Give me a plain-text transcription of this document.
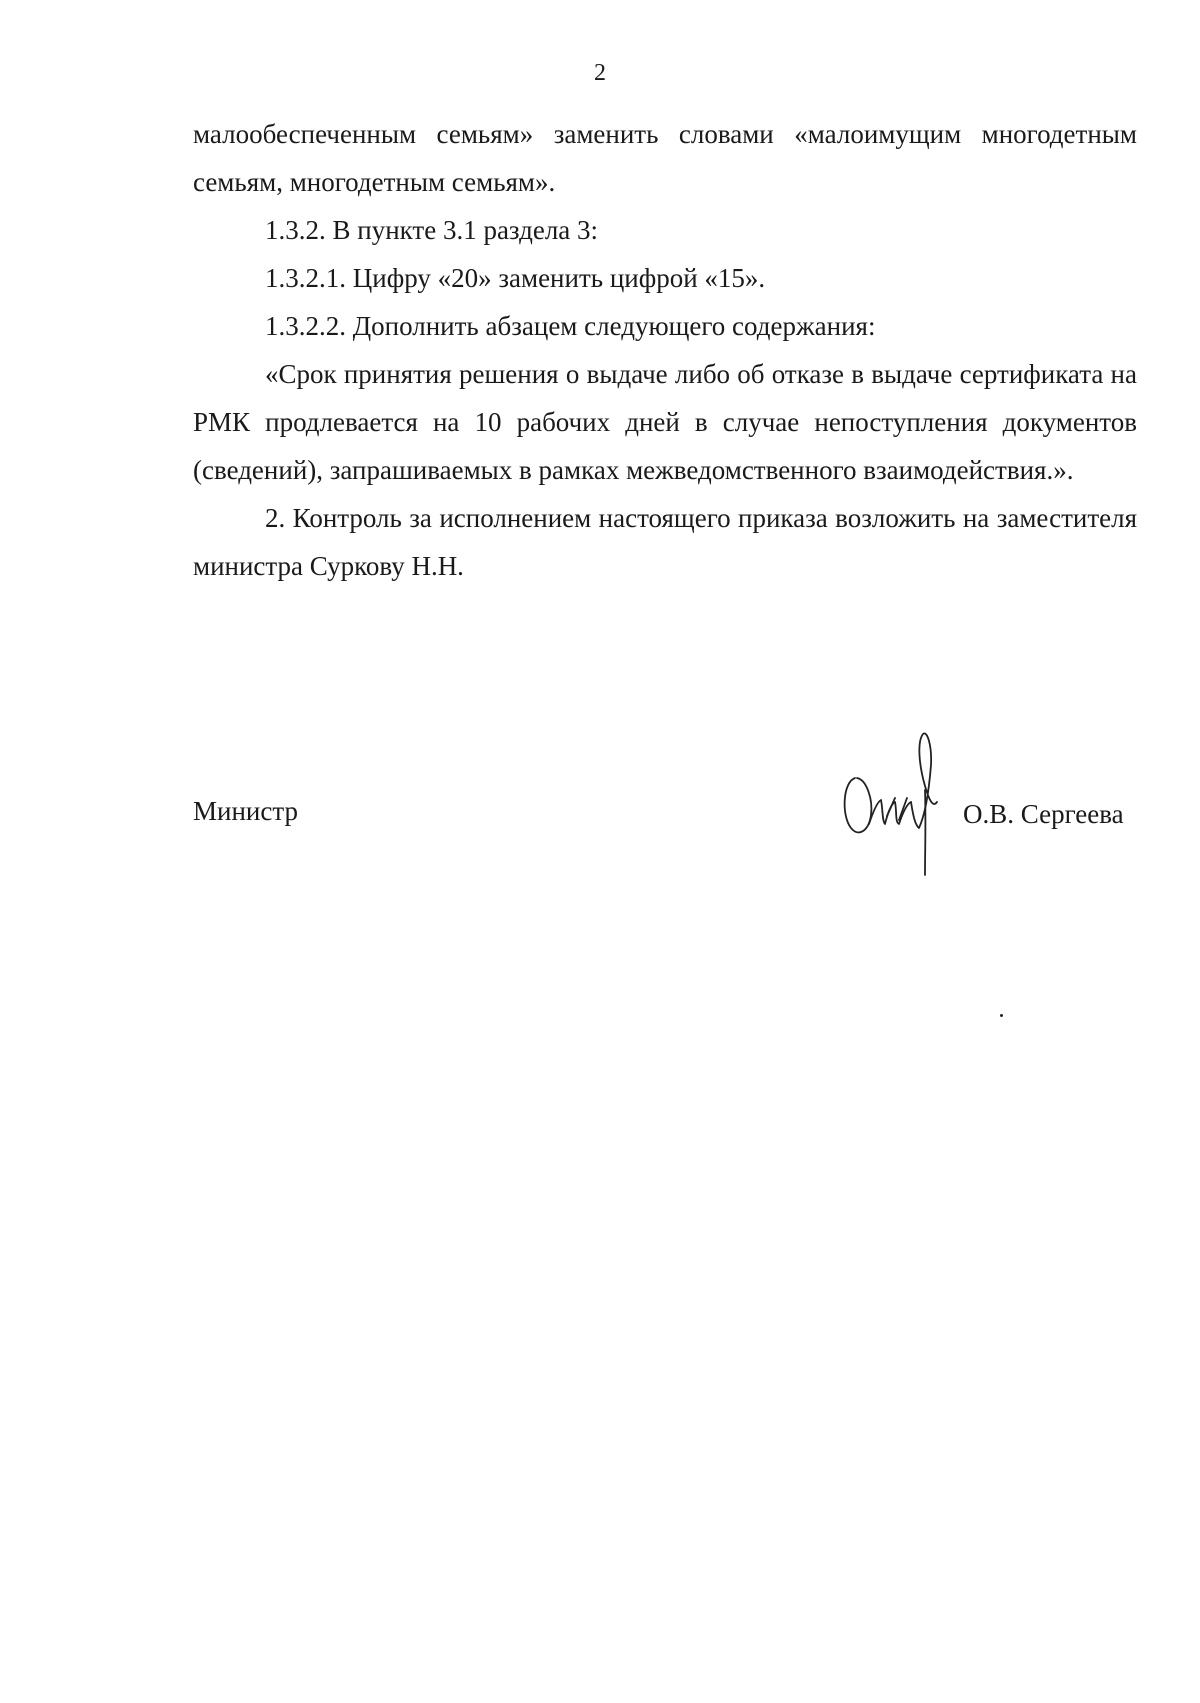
2

малообеспеченным семьям» заменить словами «малоимущим многодетным семьям, многодетным семьям».

1.3.2. В пункте 3.1 раздела 3:

1.3.2.1. Цифру «20» заменить цифрой «15».

1.3.2.2. Дополнить абзацем следующего содержания:

«Срок принятия решения о выдаче либо об отказе в выдаче сертификата на РМК продлевается на 10 рабочих дней в случае непоступления документов (сведений), запрашиваемых в рамках межведомственного взаимодействия.».

2. Контроль за исполнением настоящего приказа возложить на заместителя министра Суркову Н.Н.

Министр	О.В. Сергеева
